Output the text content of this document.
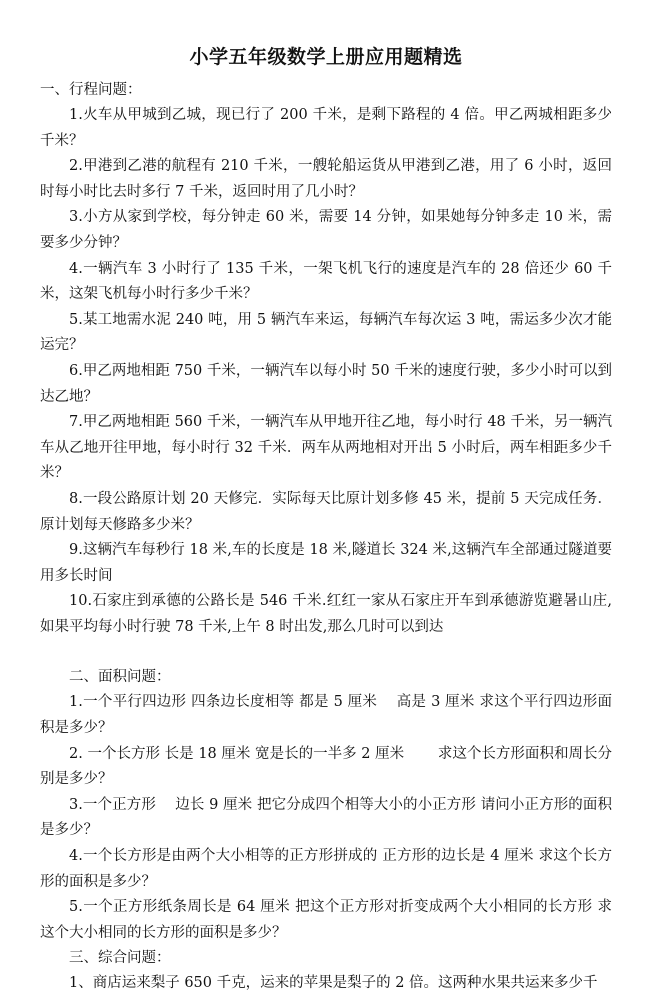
小学五年级数学上册应用题精选

一、行程问题：

1.火车从甲城到乙城，现已行了 200 千米，是剩下路程的 4 倍。甲乙两城相距多少千米？

2.甲港到乙港的航程有 210 千米，一艘轮船运货从甲港到乙港，用了 6 小时，返回时每小时比去时多行 7 千米，返回时用了几小时？

3.小方从家到学校，每分钟走 60 米，需要 14 分钟，如果她每分钟多走 10 米，需要多少分钟？

4.一辆汽车 3 小时行了 135 千米，一架飞机飞行的速度是汽车的 28 倍还少 60 千米，这架飞机每小时行多少千米？

5.某工地需水泥 240 吨，用 5 辆汽车来运，每辆汽车每次运 3 吨，需运多少次才能运完？

6.甲乙两地相距 750 千米，一辆汽车以每小时 50 千米的速度行驶，多少小时可以到达乙地？

7.甲乙两地相距 560 千米，一辆汽车从甲地开往乙地，每小时行 48 千米，另一辆汽车从乙地开往甲地，每小时行 32 千米．两车从两地相对开出 5 小时后，两车相距多少千米？

8.一段公路原计划 20 天修完．实际每天比原计划多修 45 米，提前 5 天完成任务．原计划每天修路多少米？

9.这辆汽车每秒行 18 米,车的长度是 18 米,隧道长 324 米,这辆汽车全部通过隧道要用多长时间

10.石家庄到承德的公路长是 546 千米.红红一家从石家庄开车到承德游览避暑山庄,如果平均每小时行驶 78 千米,上午 8 时出发,那么几时可以到达

二、面积问题：

1.一个平行四边形 四条边长度相等 都是 5 厘米　 高是 3 厘米 求这个平行四边形面积是多少？

2. 一个长方形 长是 18 厘米 宽是长的一半多 2 厘米　　 求这个长方形面积和周长分别是多少？

3.一个正方形　 边长 9 厘米 把它分成四个相等大小的小正方形 请问小正方形的面积是多少？

4.一个长方形是由两个大小相等的正方形拼成的 正方形的边长是 4 厘米 求这个长方形的面积是多少？

5.一个正方形纸条周长是 64 厘米 把这个正方形对折变成两个大小相同的长方形 求这个大小相同的长方形的面积是多少？

三、综合问题：

1、商店运来梨子 650 千克，运来的苹果是梨子的 2 倍。这两种水果共运来多少千
